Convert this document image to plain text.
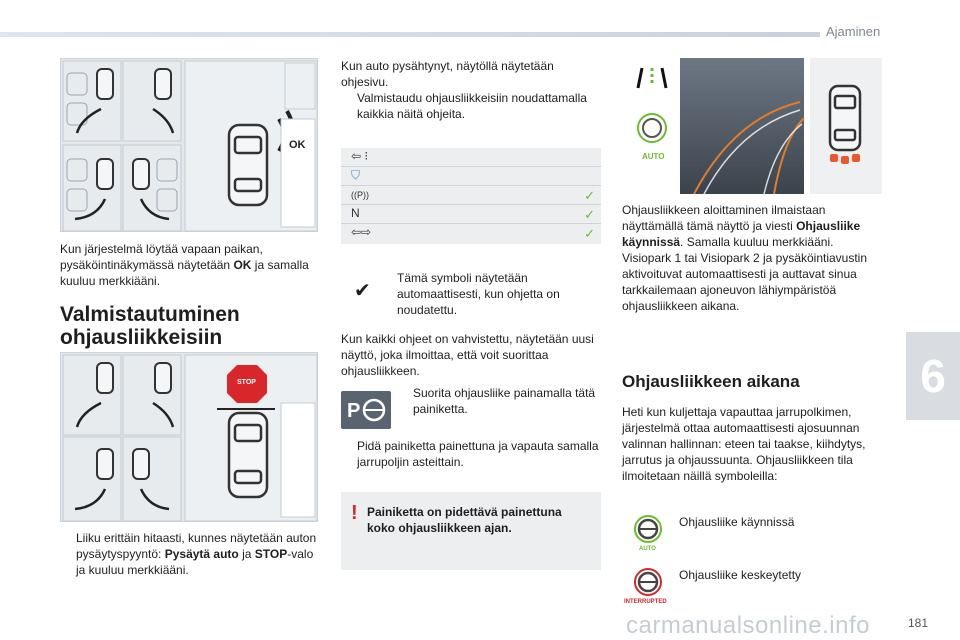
Ajaminen
6
181
carmanualsonline.info
OK
Kun järjestelmä löytää vapaan paikan, pysäköintinäkymässä näytetään OK ja samalla kuuluu merkkiääni.
Valmistautuminen
ohjausliikkeisiin
STOP
Liiku erittäin hitaasti, kunnes näytetään auton pysäytyspyyntö: Pysäytä auto ja STOP-valo ja kuuluu merkkiääni.
Kun auto pysähtynyt, näytöllä näytetään ohjesivu.
Valmistaudu ohjausliikkeisiin noudattamalla kaikkia näitä ohjeita.
⇦ ⁝
⛉
((P))	✓
N	✓
⇦⇨	✓
✔
Tämä symboli näytetään automaattisesti, kun ohjetta on noudatettu.
Kun kaikki ohjeet on vahvistettu, näytetään uusi näyttö, joka ilmoittaa, että voit suorittaa ohjausliikkeen.
P
Suorita ohjausliike painamalla tätä painiketta.
Pidä painiketta painettuna ja vapauta samalla jarrupoljin asteittain.
! Painiketta on pidettävä painettuna koko ohjausliikkeen ajan.
AUTO
Ohjausliikkeen aloittaminen ilmaistaan näyttämällä tämä näyttö ja viesti Ohjausliike käynnissä. Samalla kuuluu merkkiääni. Visiopark 1 tai Visiopark 2 ja pysäköintiavustin aktivoituvat automaattisesti ja auttavat sinua tarkkailemaan ajoneuvon lähiympäristöä ohjausliikkeen aikana.
Ohjausliikkeen aikana
Heti kun kuljettaja vapauttaa jarrupolkimen, järjestelmä ottaa automaattisesti ajosuunnan valinnan hallinnan: eteen tai taakse, kiihdytys, jarrutus ja ohjaussuunta. Ohjausliikkeen tila ilmoitetaan näillä symboleilla:
AUTO
Ohjausliike käynnissä
INTERRUPTED
Ohjausliike keskeytetty
